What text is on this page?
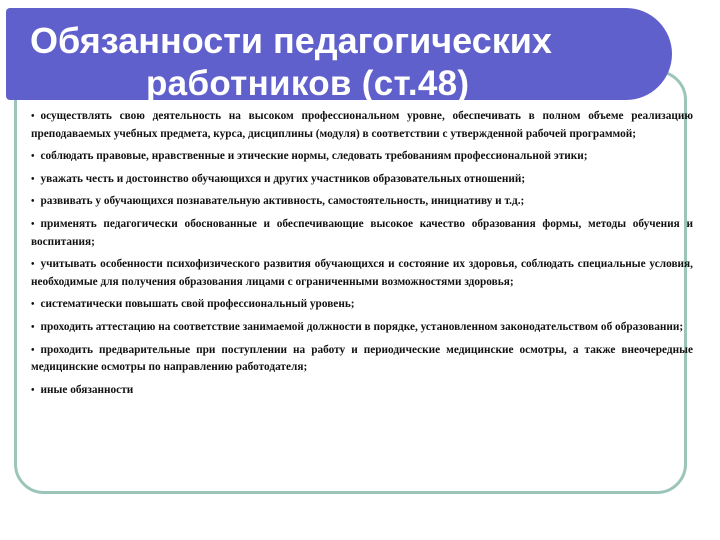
Обязанности педагогических
работников (ст.48)
• осуществлять свою деятельность на высоком профессиональном уровне, обеспечивать в полном объеме реализацию преподаваемых учебных предмета, курса, дисциплины (модуля) в соответствии с утвержденной рабочей программой;
• соблюдать правовые, нравственные и этические нормы, следовать требованиям профессиональной этики;
• уважать честь и достоинство обучающихся и других участников образовательных отношений;
• развивать у обучающихся познавательную активность, самостоятельность, инициативу и т.д.;
• применять педагогически обоснованные и обеспечивающие высокое качество образования формы, методы обучения и воспитания;
• учитывать особенности психофизического развития обучающихся и состояние их здоровья, соблюдать специальные условия, необходимые для получения образования лицами с ограниченными возможностями здоровья;
• систематически повышать свой профессиональный уровень;
• проходить аттестацию на соответствие занимаемой должности в порядке, установленном законодательством об образовании;
• проходить предварительные при поступлении на работу и периодические медицинские осмотры, а также внеочередные медицинские осмотры по направлению работодателя;
• иные обязанности
